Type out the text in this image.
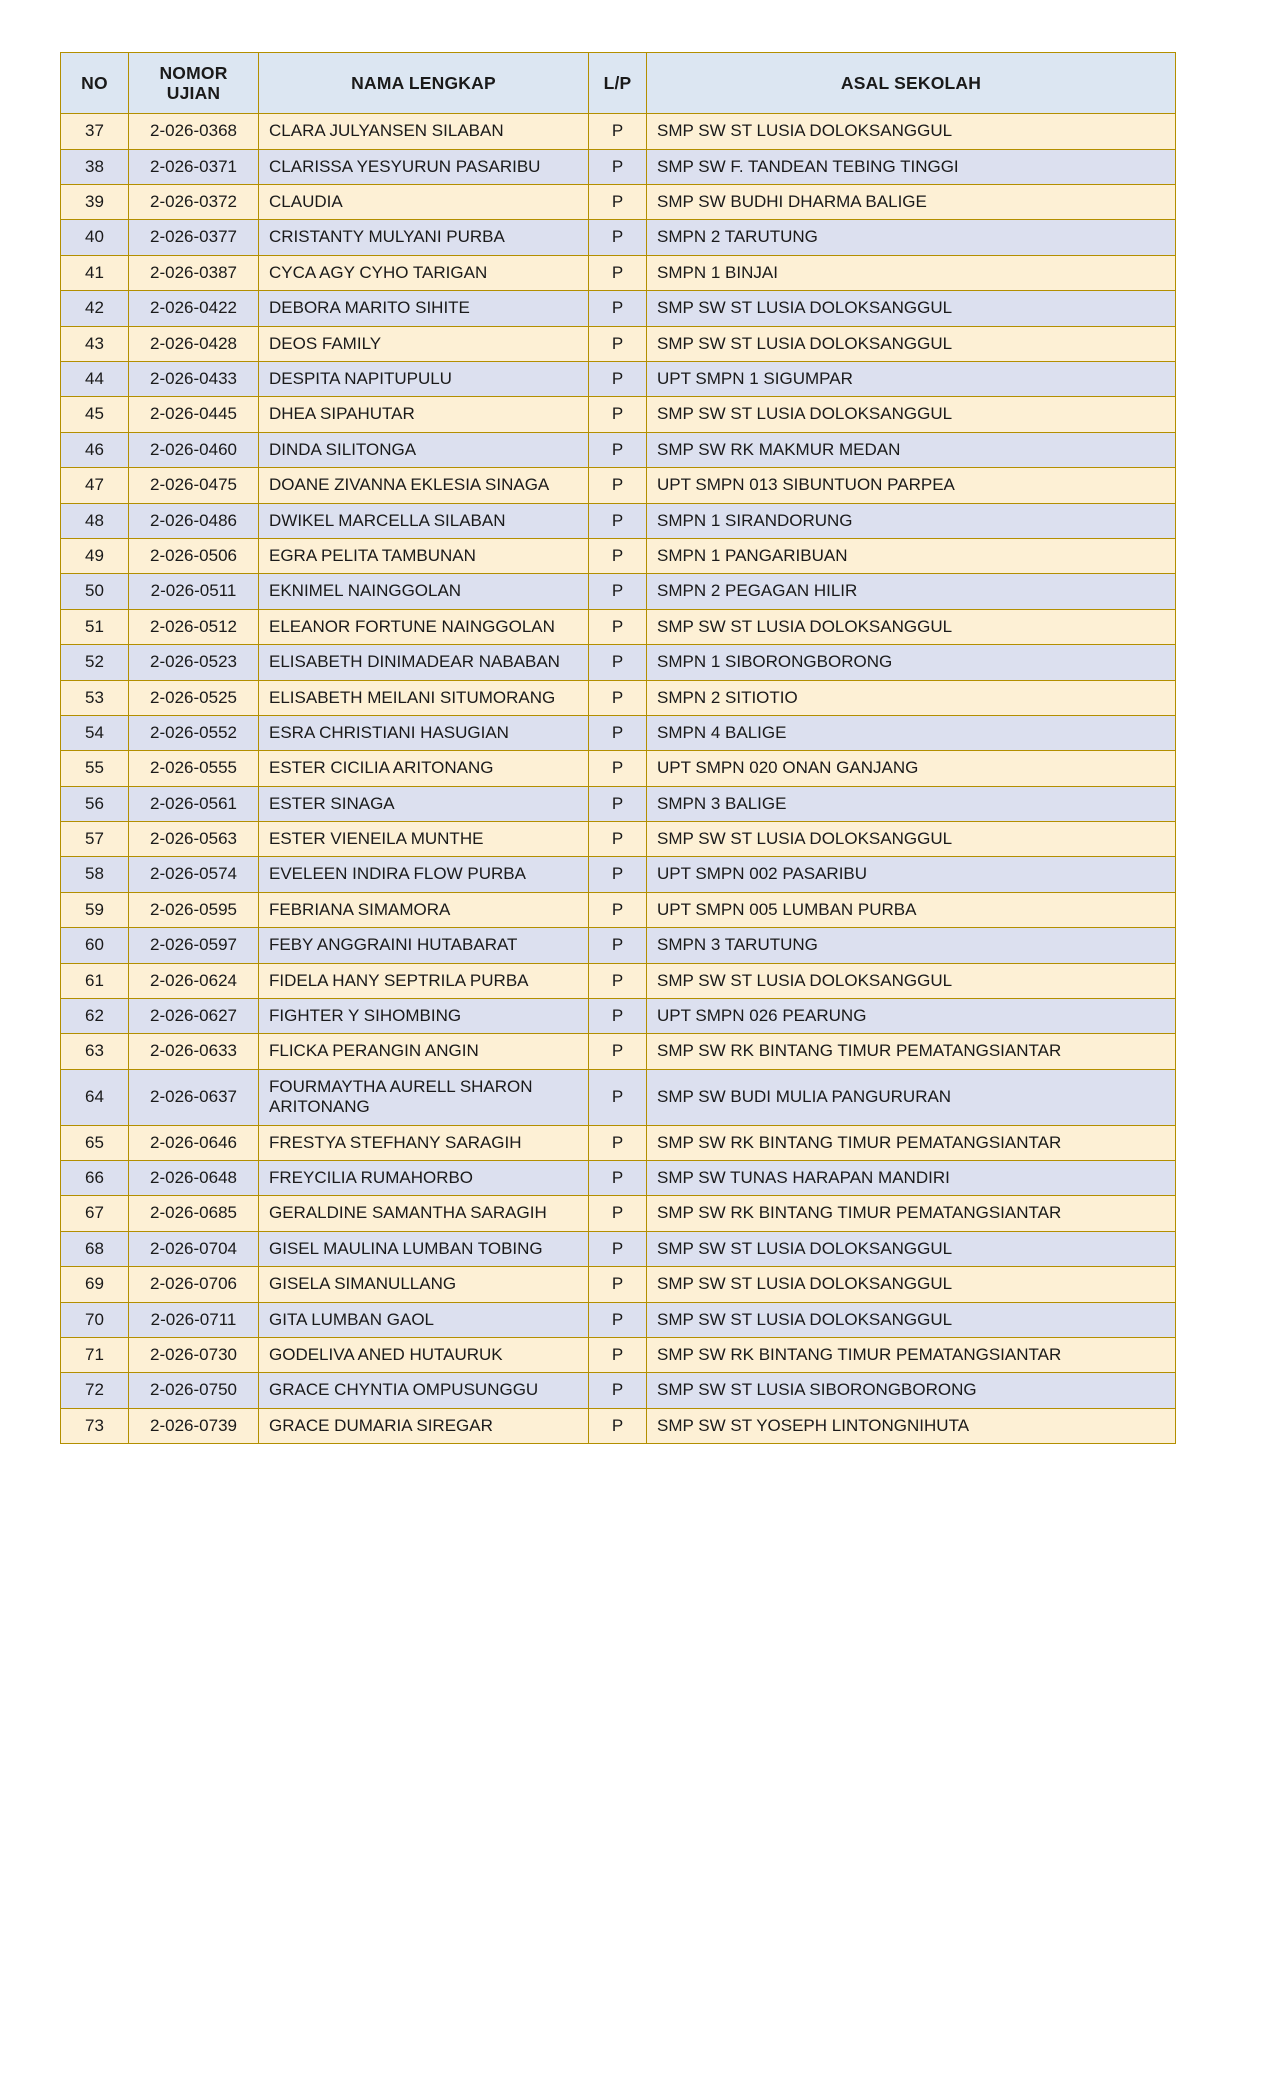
NO	NOMOR UJIAN	NAMA LENGKAP	L/P	ASAL SEKOLAH
37	2-026-0368	CLARA JULYANSEN SILABAN	P	SMP SW ST LUSIA DOLOKSANGGUL
38	2-026-0371	CLARISSA YESYURUN PASARIBU	P	SMP SW F. TANDEAN TEBING TINGGI
39	2-026-0372	CLAUDIA	P	SMP SW BUDHI DHARMA BALIGE
40	2-026-0377	CRISTANTY MULYANI PURBA	P	SMPN 2 TARUTUNG
41	2-026-0387	CYCA AGY CYHO TARIGAN	P	SMPN 1 BINJAI
42	2-026-0422	DEBORA MARITO SIHITE	P	SMP SW ST LUSIA DOLOKSANGGUL
43	2-026-0428	DEOS FAMILY	P	SMP SW ST LUSIA DOLOKSANGGUL
44	2-026-0433	DESPITA NAPITUPULU	P	UPT SMPN 1 SIGUMPAR
45	2-026-0445	DHEA SIPAHUTAR	P	SMP SW ST LUSIA DOLOKSANGGUL
46	2-026-0460	DINDA SILITONGA	P	SMP SW RK MAKMUR MEDAN
47	2-026-0475	DOANE ZIVANNA EKLESIA SINAGA	P	UPT SMPN 013 SIBUNTUON PARPEA
48	2-026-0486	DWIKEL MARCELLA SILABAN	P	SMPN 1 SIRANDORUNG
49	2-026-0506	EGRA PELITA TAMBUNAN	P	SMPN 1 PANGARIBUAN
50	2-026-0511	EKNIMEL NAINGGOLAN	P	SMPN 2 PEGAGAN HILIR
51	2-026-0512	ELEANOR FORTUNE NAINGGOLAN	P	SMP SW ST LUSIA DOLOKSANGGUL
52	2-026-0523	ELISABETH DINIMADEAR NABABAN	P	SMPN 1 SIBORONGBORONG
53	2-026-0525	ELISABETH MEILANI SITUMORANG	P	SMPN 2 SITIOTIO
54	2-026-0552	ESRA CHRISTIANI HASUGIAN	P	SMPN 4 BALIGE
55	2-026-0555	ESTER CICILIA ARITONANG	P	UPT SMPN 020 ONAN GANJANG
56	2-026-0561	ESTER SINAGA	P	SMPN 3 BALIGE
57	2-026-0563	ESTER VIENEILA MUNTHE	P	SMP SW ST LUSIA DOLOKSANGGUL
58	2-026-0574	EVELEEN INDIRA FLOW PURBA	P	UPT SMPN 002 PASARIBU
59	2-026-0595	FEBRIANA SIMAMORA	P	UPT SMPN 005 LUMBAN PURBA
60	2-026-0597	FEBY ANGGRAINI HUTABARAT	P	SMPN 3 TARUTUNG
61	2-026-0624	FIDELA HANY SEPTRILA PURBA	P	SMP SW ST LUSIA DOLOKSANGGUL
62	2-026-0627	FIGHTER Y SIHOMBING	P	UPT SMPN 026 PEARUNG
63	2-026-0633	FLICKA PERANGIN ANGIN	P	SMP SW RK BINTANG TIMUR PEMATANGSIANTAR
64	2-026-0637	FOURMAYTHA AURELL SHARON ARITONANG	P	SMP SW BUDI MULIA PANGURURAN
65	2-026-0646	FRESTYA STEFHANY SARAGIH	P	SMP SW RK BINTANG TIMUR PEMATANGSIANTAR
66	2-026-0648	FREYCILIA RUMAHORBO	P	SMP SW TUNAS HARAPAN MANDIRI
67	2-026-0685	GERALDINE SAMANTHA SARAGIH	P	SMP SW RK BINTANG TIMUR PEMATANGSIANTAR
68	2-026-0704	GISEL MAULINA LUMBAN TOBING	P	SMP SW ST LUSIA DOLOKSANGGUL
69	2-026-0706	GISELA SIMANULLANG	P	SMP SW ST LUSIA DOLOKSANGGUL
70	2-026-0711	GITA LUMBAN GAOL	P	SMP SW ST LUSIA DOLOKSANGGUL
71	2-026-0730	GODELIVA ANED HUTAURUK	P	SMP SW RK BINTANG TIMUR PEMATANGSIANTAR
72	2-026-0750	GRACE CHYNTIA OMPUSUNGGU	P	SMP SW ST LUSIA SIBORONGBORONG
73	2-026-0739	GRACE DUMARIA SIREGAR	P	SMP SW ST YOSEPH LINTONGNIHUTA
